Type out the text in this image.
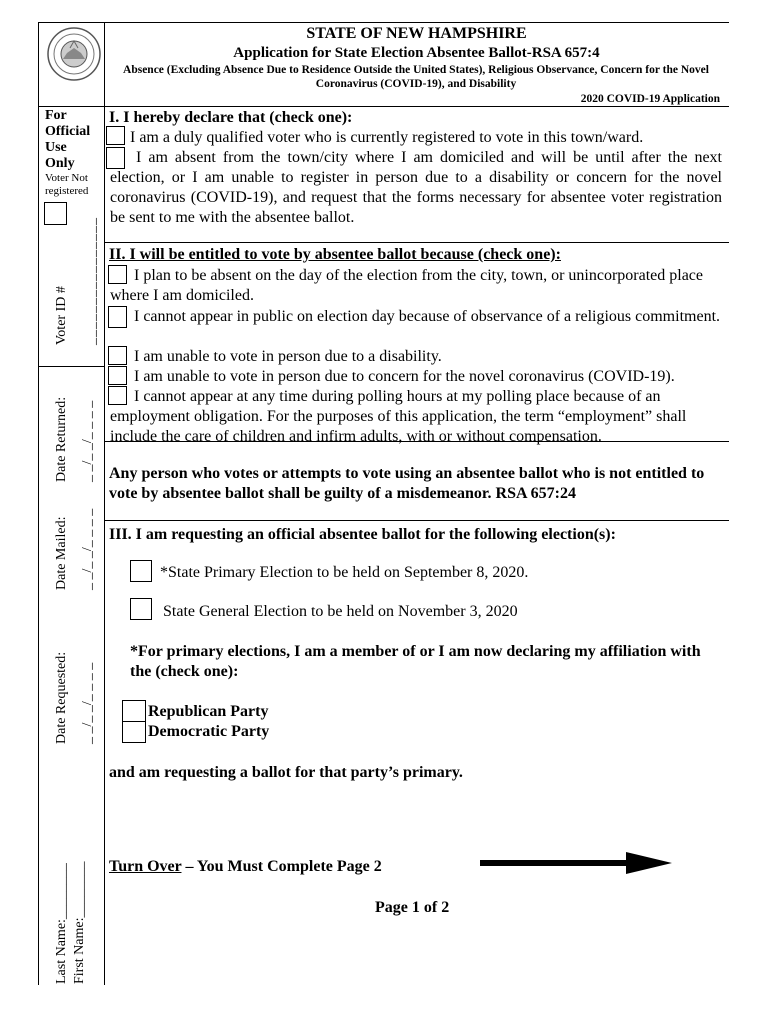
STATE OF NEW HAMPSHIRE
Application for State Election Absentee Ballot-RSA 657:4
Absence (Excluding Absence Due to Residence Outside the United States), Religious Observance, Concern for the Novel Coronavirus (COVID-19), and Disability
2020 COVID-19 Application
For Official Use Only
Voter Not registered
Voter ID # ________________
Date Returned: _ _/_ _/_ _ _ _
Date Mailed: _ _/_ _/_ _ _ _
Date Requested: _ _/_ _/_ _ _ _
Last Name:________ First Name:________
I. I hereby declare that (check one):
I am a duly qualified voter who is currently registered to vote in this town/ward.
I am absent from the town/city where I am domiciled and will be until after the next election, or I am unable to register in person due to a disability or concern for the novel coronavirus (COVID-19), and request that the forms necessary for absentee voter registration be sent to me with the absentee ballot.
II. I will be entitled to vote by absentee ballot because (check one):
I plan to be absent on the day of the election from the city, town, or unincorporated place where I am domiciled.
I cannot appear in public on election day because of observance of a religious commitment.
I am unable to vote in person due to a disability.
I am unable to vote in person due to concern for the novel coronavirus (COVID-19).
I cannot appear at any time during polling hours at my polling place because of an employment obligation. For the purposes of this application, the term “employment” shall include the care of children and infirm adults, with or without compensation.
Any person who votes or attempts to vote using an absentee ballot who is not entitled to vote by absentee ballot shall be guilty of a misdemeanor. RSA 657:24
III. I am requesting an official absentee ballot for the following election(s):
*State Primary Election to be held on September 8, 2020.
State General Election to be held on November 3, 2020
*For primary elections, I am a member of or I am now declaring my affiliation with the (check one):
Republican Party
Democratic Party
and am requesting a ballot for that party’s primary.
Turn Over – You Must Complete Page 2
Page 1 of 2
